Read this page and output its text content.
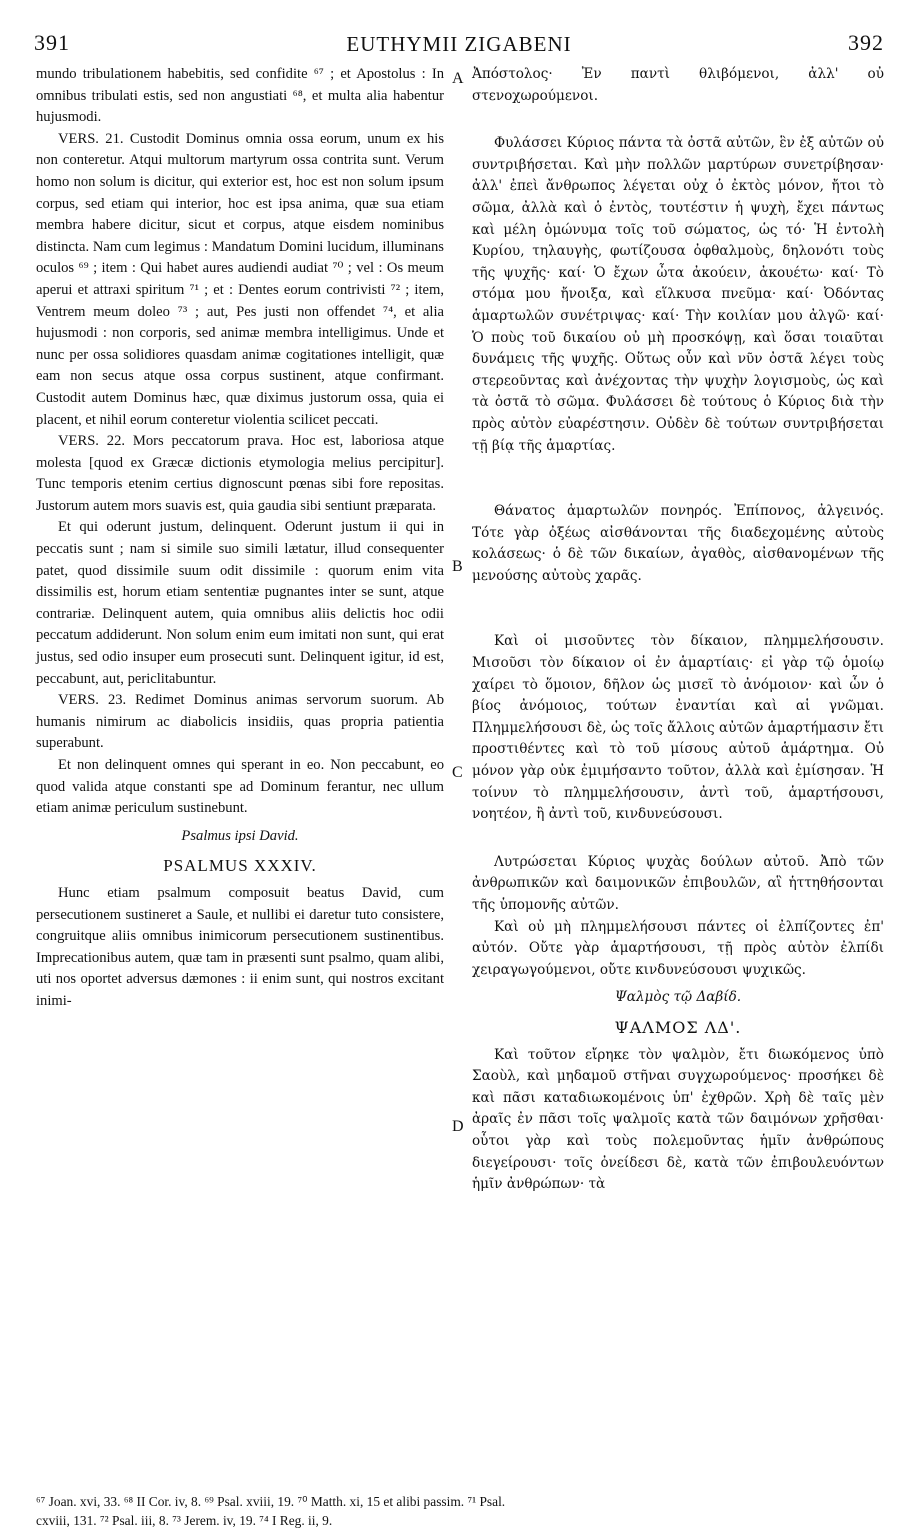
391	EUTHYMII ZIGABENI	392

mundo tribulationem habebitis, sed confidite ⁶⁷ ; et Apostolus : In omnibus tribulati estis, sed non angustiati ⁶⁸, et multa alia habentur hujusmodi.

VERS. 21. Custodit Dominus omnia ossa eorum, unum ex his non conteretur. Atqui multorum martyrum ossa contrita sunt. Verum homo non solum is dicitur, qui exterior est, hoc est non solum ipsum corpus, sed etiam qui interior, hoc est ipsa anima, quæ sua etiam membra habere dicitur, sicut et corpus, atque eisdem nominibus distincta. Nam cum legimus : Mandatum Domini lucidum, illuminans oculos ⁶⁹ ; item : Qui habet aures audiendi audiat ⁷⁰ ; vel : Os meum aperui et attraxi spiritum ⁷¹ ; et : Dentes eorum contrivisti ⁷² ; item, Ventrem meum doleo ⁷³ ; aut, Pes justi non offendet ⁷⁴, et alia hujusmodi : non corporis, sed animæ membra intelligimus. Unde et nunc per ossa solidiores quasdam animæ cogitationes intelligit, quæ eam non secus atque ossa corpus sustinent, atque confirmant. Custodit autem Dominus hæc, quæ diximus justorum ossa, quia ei placent, et nihil eorum conteretur violentia scilicet peccati.

VERS. 22. Mors peccatorum prava. Hoc est, laboriosa atque molesta [quod ex Græcæ dictionis etymologia melius percipitur]. Tunc temporis etenim certius dignoscunt pœnas sibi fore repositas. Justorum autem mors suavis est, quia gaudia sibi sentiunt præparata.

Et qui oderunt justum, delinquent. Oderunt justum ii qui in peccatis sunt ; nam si simile suo simili lætatur, illud consequenter patet, quod dissimile suum odit dissimile : quorum enim vita dissimilis est, horum etiam sententiæ pugnantes inter se sunt, atque contrariæ. Delinquent autem, quia omnibus aliis delictis hoc odii peccatum addiderunt. Non solum enim eum imitati non sunt, qui erat justus, sed odio insuper eum prosecuti sunt. Delinquent igitur, id est, peccabunt, aut, periclitabuntur.

VERS. 23. Redimet Dominus animas servorum suorum. Ab humanis nimirum ac diabolicis insidiis, quas propria patientia superabunt.

Et non delinquent omnes qui sperant in eo. Non peccabunt, eo quod valida atque constanti spe ad Dominum ferantur, nec ullum etiam animæ periculum sustinebunt.

Psalmus ipsi David.

PSALMUS XXXIV.

Hunc etiam psalmum composuit beatus David, cum persecutionem sustineret a Saule, et nullibi ei daretur tuto consistere, congruitque aliis omnibus inimicorum persecutionem sustinentibus. Imprecationibus autem, quæ tam in præsenti sunt psalmo, quam alibi, uti nos oportet adversus dæmones : ii enim sunt, qui nostros excitant inimi-

A
B
C
D

Ἀπόστολος· Ἐν παντὶ θλιβόμενοι, ἀλλ' οὐ στενοχωρούμενοι.

Φυλάσσει Κύριος πάντα τὰ ὀστᾶ αὐτῶν, ἓν ἐξ αὐτῶν οὐ συντριβήσεται. Καὶ μὴν πολλῶν μαρτύρων συνετρίβησαν· ἀλλ' ἐπεὶ ἄνθρωπος λέγεται οὐχ ὁ ἐκτὸς μόνον, ἤτοι τὸ σῶμα, ἀλλὰ καὶ ὁ ἐντὸς, τουτέστιν ἡ ψυχὴ, ἔχει πάντως καὶ μέλη ὁμώνυμα τοῖς τοῦ σώματος, ὡς τό· Ἡ ἐντολὴ Κυρίου, τηλαυγὴς, φωτίζουσα ὀφθαλμοὺς, δηλονότι τοὺς τῆς ψυχῆς· καί· Ὁ ἔχων ὦτα ἀκούειν, ἀκουέτω· καί· Τὸ στόμα μου ἤνοιξα, καὶ εἵλκυσα πνεῦμα· καί· Ὀδόντας ἁμαρτωλῶν συνέτριψας· καί· Τὴν κοιλίαν μου ἀλγῶ· καί· Ὁ ποὺς τοῦ δικαίου οὐ μὴ προσκόψῃ, καὶ ὅσαι τοιαῦται δυνάμεις τῆς ψυχῆς. Οὕτως οὖν καὶ νῦν ὀστᾶ λέγει τοὺς στερεοῦντας καὶ ἀνέχοντας τὴν ψυχὴν λογισμοὺς, ὡς καὶ τὰ ὀστᾶ τὸ σῶμα. Φυλάσσει δὲ τούτους ὁ Κύριος διὰ τὴν πρὸς αὐτὸν εὐαρέστησιν. Οὐδὲν δὲ τούτων συντριβήσεται τῇ βίᾳ τῆς ἁμαρτίας.

Θάνατος ἁμαρτωλῶν πονηρός. Ἐπίπονος, ἀλγεινός. Τότε γὰρ ὀξέως αἰσθάνονται τῆς διαδεχομένης αὐτοὺς κολάσεως· ὁ δὲ τῶν δικαίων, ἀγαθὸς, αἰσθανομένων τῆς μενούσης αὐτοὺς χαρᾶς.

Καὶ οἱ μισοῦντες τὸν δίκαιον, πλημμελήσουσιν. Μισοῦσι τὸν δίκαιον οἱ ἐν ἁμαρτίαις· εἰ γὰρ τῷ ὁμοίῳ χαίρει τὸ ὅμοιον, δῆλον ὡς μισεῖ τὸ ἀνόμοιον· καὶ ὧν ὁ βίος ἀνόμοιος, τούτων ἐναντίαι καὶ αἱ γνῶμαι. Πλημμελήσουσι δὲ, ὡς τοῖς ἄλλοις αὐτῶν ἁμαρτήμασιν ἔτι προστιθέντες καὶ τὸ τοῦ μίσους αὐτοῦ ἁμάρτημα. Οὐ μόνον γὰρ οὐκ ἐμιμήσαντο τοῦτον, ἀλλὰ καὶ ἐμίσησαν. Ἡ τοίνυν τὸ πλημμελήσουσιν, ἀντὶ τοῦ, ἁμαρτήσουσι, νοητέον, ἢ ἀντὶ τοῦ, κινδυνεύσουσι.

Λυτρώσεται Κύριος ψυχὰς δούλων αὐτοῦ. Ἀπὸ τῶν ἀνθρωπικῶν καὶ δαιμονικῶν ἐπιβουλῶν, αἳ ἡττηθήσονται τῆς ὑπομονῆς αὐτῶν.

Καὶ οὐ μὴ πλημμελήσουσι πάντες οἱ ἐλπίζοντες ἐπ' αὐτόν. Οὔτε γὰρ ἁμαρτήσουσι, τῇ πρὸς αὐτὸν ἐλπίδι χειραγωγούμενοι, οὔτε κινδυνεύσουσι ψυχικῶς.

Ψαλμὸς τῷ Δαβίδ.

ΨΑΛΜΟΣ ΛΔ'.

Καὶ τοῦτον εἴρηκε τὸν ψαλμὸν, ἔτι διωκόμενος ὑπὸ Σαοὺλ, καὶ μηδαμοῦ στῆναι συγχωρούμενος· προσήκει δὲ καὶ πᾶσι καταδιωκομένοις ὑπ' ἐχθρῶν. Χρὴ δὲ ταῖς μὲν ἀραῖς ἐν πᾶσι τοῖς ψαλμοῖς κατὰ τῶν δαιμόνων χρῆσθαι· οὗτοι γὰρ καὶ τοὺς πολεμοῦντας ἡμῖν ἀνθρώπους διεγείρουσι· τοῖς ὀνείδεσι δὲ, κατὰ τῶν ἐπιβουλευόντων ἡμῖν ἀνθρώπων· τὰ

⁶⁷ Joan. xvi, 33. ⁶⁸ II Cor. iv, 8. ⁶⁹ Psal. xviii, 19. ⁷⁰ Matth. xi, 15 et alibi passim. ⁷¹ Psal.
cxviii, 131. ⁷² Psal. iii, 8. ⁷³ Jerem. iv, 19. ⁷⁴ I Reg. ii, 9.
